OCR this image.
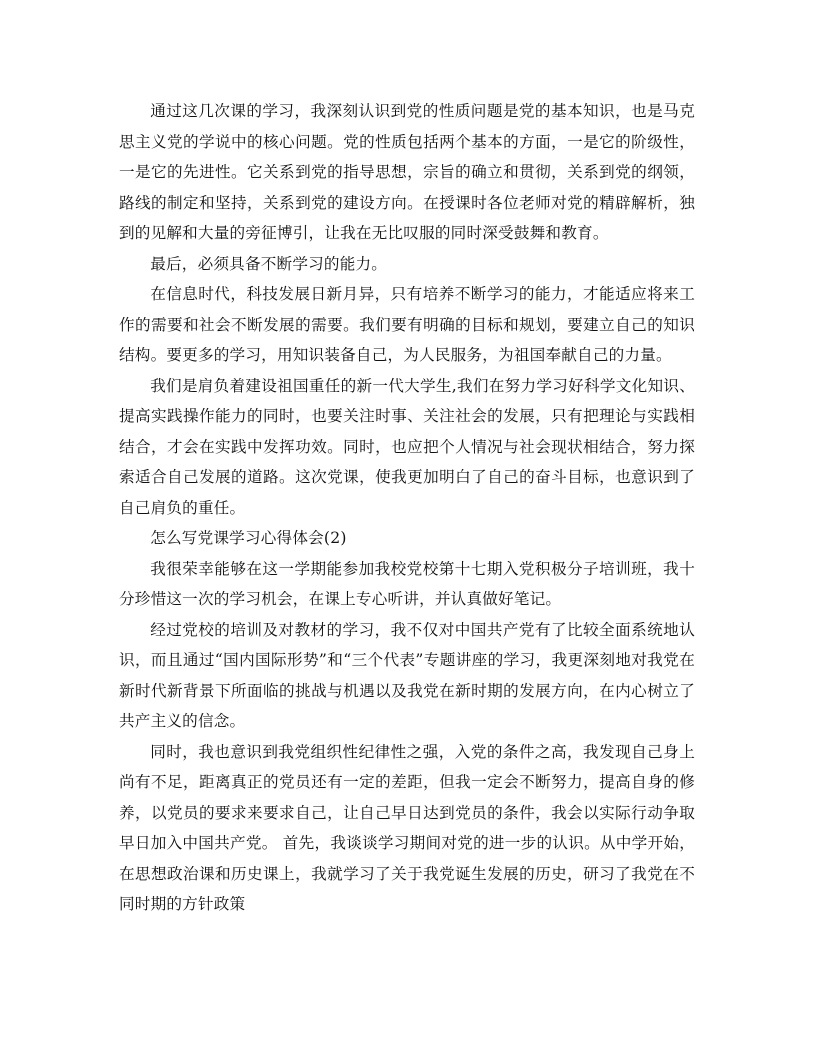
通过这几次课的学习，我深刻认识到党的性质问题是党的基本知识，也是马克思主义党的学说中的核心问题。党的性质包括两个基本的方面，一是它的阶级性，一是它的先进性。它关系到党的指导思想，宗旨的确立和贯彻，关系到党的纲领，路线的制定和坚持，关系到党的建设方向。在授课时各位老师对党的精辟解析，独到的见解和大量的旁征博引，让我在无比叹服的同时深受鼓舞和教育。

最后，必须具备不断学习的能力。

在信息时代，科技发展日新月异，只有培养不断学习的能力，才能适应将来工作的需要和社会不断发展的需要。我们要有明确的目标和规划，要建立自己的知识结构。要更多的学习，用知识装备自己，为人民服务，为祖国奉献自己的力量。

我们是肩负着建设祖国重任的新一代大学生,我们在努力学习好科学文化知识、提高实践操作能力的同时，也要关注时事、关注社会的发展，只有把理论与实践相结合，才会在实践中发挥功效。同时，也应把个人情况与社会现状相结合，努力探索适合自己发展的道路。这次党课，使我更加明白了自己的奋斗目标，也意识到了自己肩负的重任。

怎么写党课学习心得体会(2)

我很荣幸能够在这一学期能参加我校党校第十七期入党积极分子培训班，我十分珍惜这一次的学习机会，在课上专心听讲，并认真做好笔记。

经过党校的培训及对教材的学习，我不仅对中国共产党有了比较全面系统地认识，而且通过“国内国际形势”和“三个代表”专题讲座的学习，我更深刻地对我党在新时代新背景下所面临的挑战与机遇以及我党在新时期的发展方向，在内心树立了共产主义的信念。

同时，我也意识到我党组织性纪律性之强，入党的条件之高，我发现自己身上尚有不足，距离真正的党员还有一定的差距，但我一定会不断努力，提高自身的修养，以党员的要求来要求自己，让自己早日达到党员的条件，我会以实际行动争取早日加入中国共产党。 首先，我谈谈学习期间对党的进一步的认识。从中学开始，在思想政治课和历史课上，我就学习了关于我党诞生发展的历史，研习了我党在不同时期的方针政策
